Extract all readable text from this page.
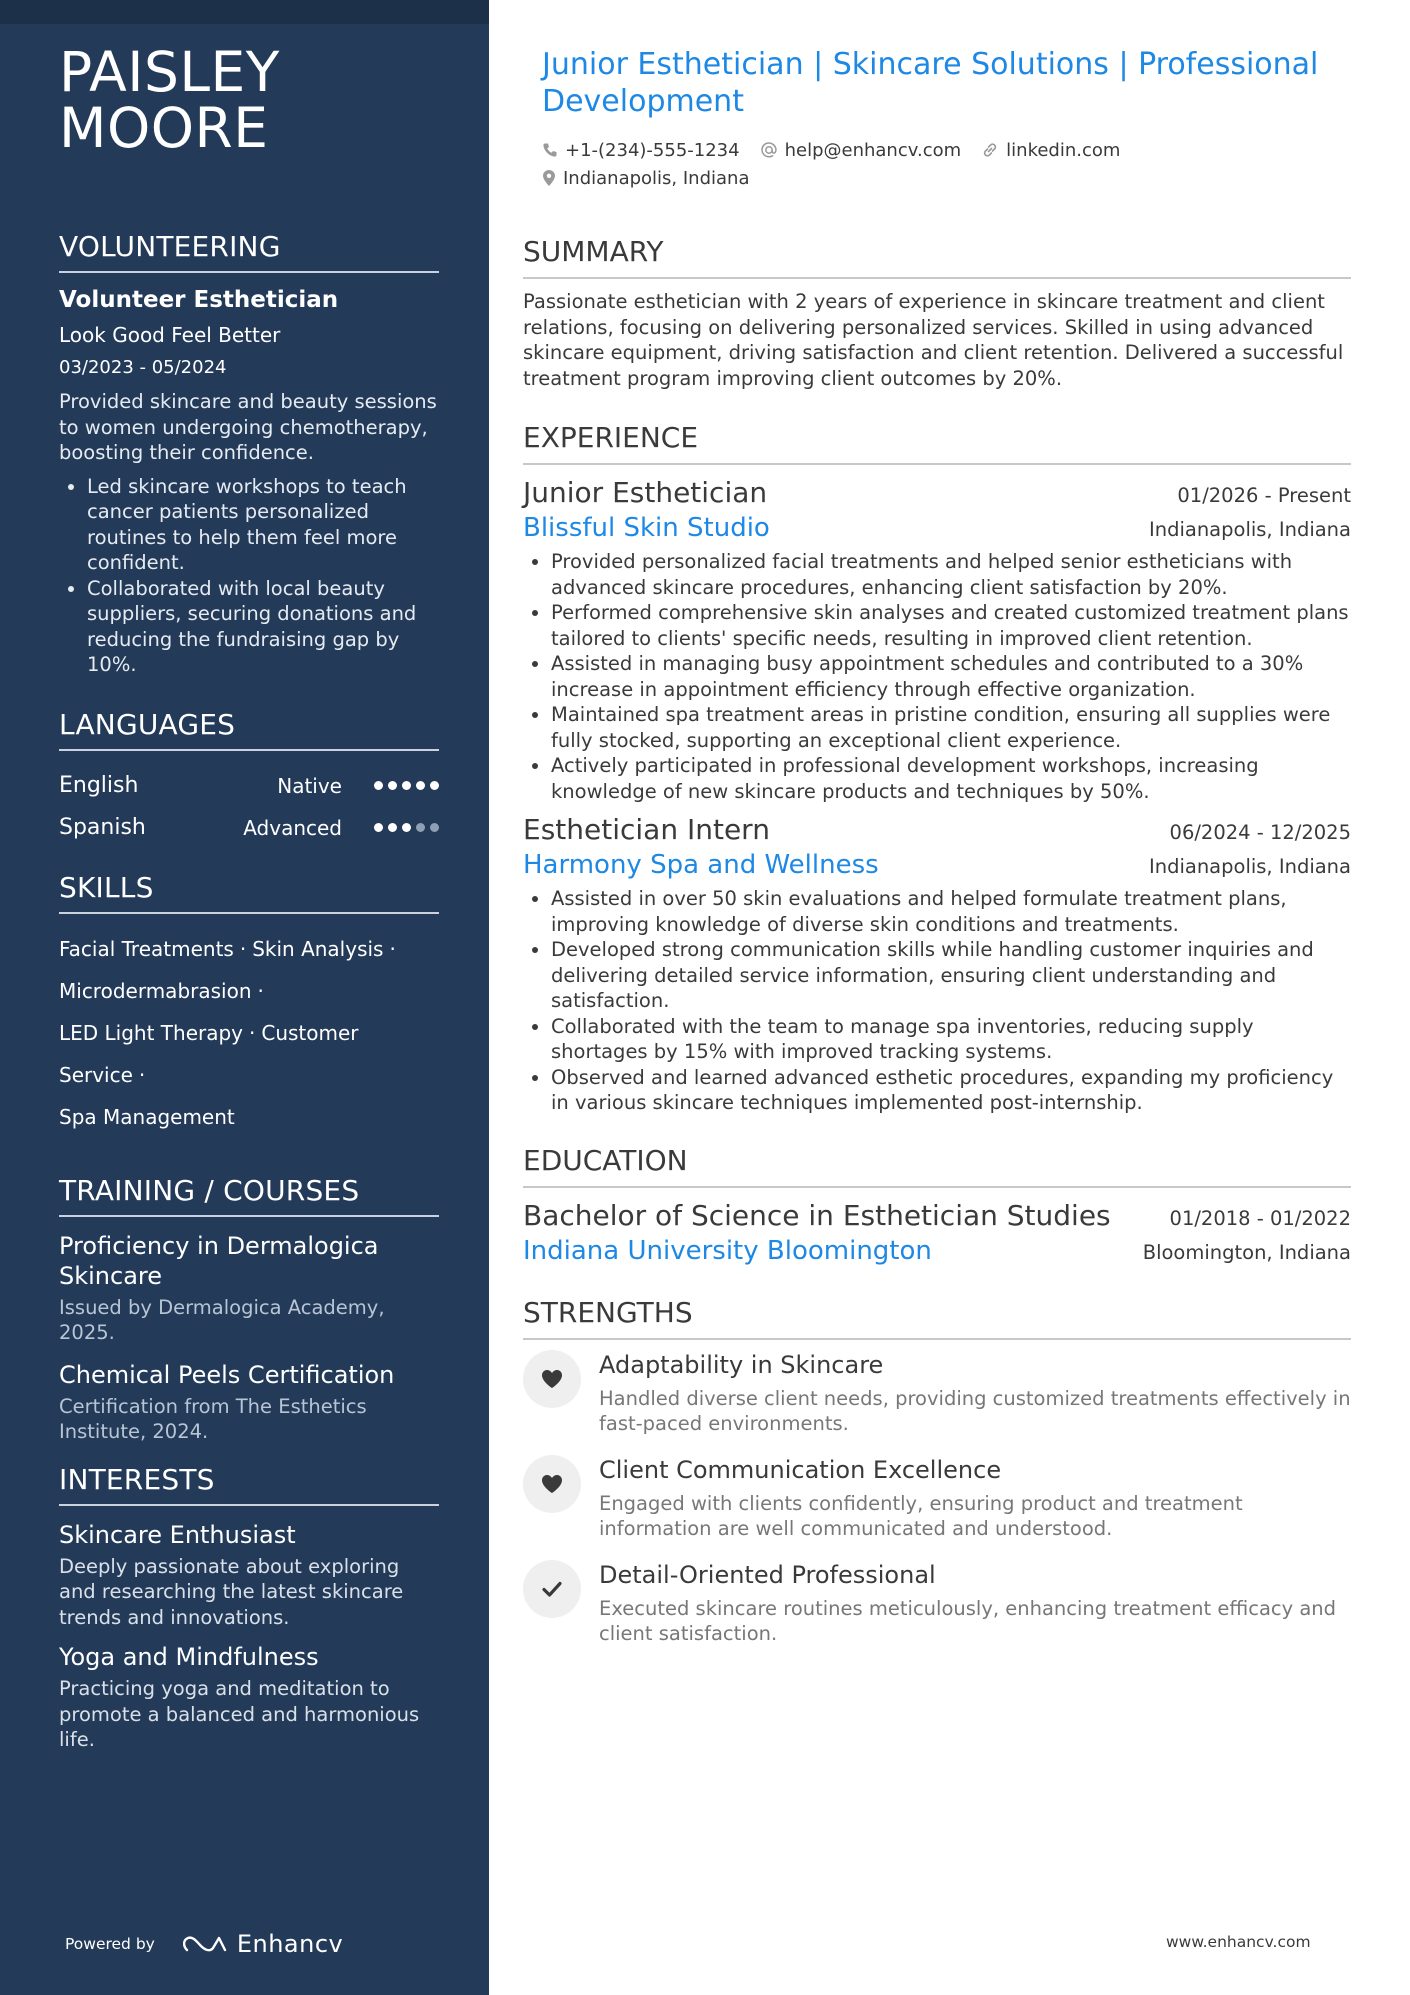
PAISLEY
MOORE
VOLUNTEERING
Volunteer Esthetician
Look Good Feel Better
03/2023 - 05/2024
Provided skincare and beauty sessions to women undergoing chemotherapy, boosting their confidence.
• Led skincare workshops to teach cancer patients personalized routines to help them feel more confident.
• Collaborated with local beauty suppliers, securing donations and reducing the fundraising gap by 10%.
LANGUAGES
English	Native
Spanish	Advanced
SKILLS
Facial Treatments · Skin Analysis ·
Microdermabrasion ·
LED Light Therapy · Customer Service ·
Spa Management
TRAINING / COURSES
Proficiency in Dermalogica Skincare
Issued by Dermalogica Academy, 2025.
Chemical Peels Certification
Certification from The Esthetics Institute, 2024.
INTERESTS
Skincare Enthusiast
Deeply passionate about exploring and researching the latest skincare trends and innovations.
Yoga and Mindfulness
Practicing yoga and meditation to promote a balanced and harmonious life.
Powered by	Enhancv
Junior Esthetician | Skincare Solutions | Professional Development
+1-(234)-555-1234	help@enhancv.com	linkedin.com
Indianapolis, Indiana
SUMMARY
Passionate esthetician with 2 years of experience in skincare treatment and client relations, focusing on delivering personalized services. Skilled in using advanced skincare equipment, driving satisfaction and client retention. Delivered a successful treatment program improving client outcomes by 20%.
EXPERIENCE
Junior Esthetician	01/2026 - Present
Blissful Skin Studio	Indianapolis, Indiana
• Provided personalized facial treatments and helped senior estheticians with advanced skincare procedures, enhancing client satisfaction by 20%.
• Performed comprehensive skin analyses and created customized treatment plans tailored to clients' specific needs, resulting in improved client retention.
• Assisted in managing busy appointment schedules and contributed to a 30% increase in appointment efficiency through effective organization.
• Maintained spa treatment areas in pristine condition, ensuring all supplies were fully stocked, supporting an exceptional client experience.
• Actively participated in professional development workshops, increasing knowledge of new skincare products and techniques by 50%.
Esthetician Intern	06/2024 - 12/2025
Harmony Spa and Wellness	Indianapolis, Indiana
• Assisted in over 50 skin evaluations and helped formulate treatment plans, improving knowledge of diverse skin conditions and treatments.
• Developed strong communication skills while handling customer inquiries and delivering detailed service information, ensuring client understanding and satisfaction.
• Collaborated with the team to manage spa inventories, reducing supply shortages by 15% with improved tracking systems.
• Observed and learned advanced esthetic procedures, expanding my proficiency in various skincare techniques implemented post-internship.
EDUCATION
Bachelor of Science in Esthetician Studies	01/2018 - 01/2022
Indiana University Bloomington	Bloomington, Indiana
STRENGTHS
Adaptability in Skincare
Handled diverse client needs, providing customized treatments effectively in fast-paced environments.
Client Communication Excellence
Engaged with clients confidently, ensuring product and treatment information are well communicated and understood.
Detail-Oriented Professional
Executed skincare routines meticulously, enhancing treatment efficacy and client satisfaction.
www.enhancv.com
